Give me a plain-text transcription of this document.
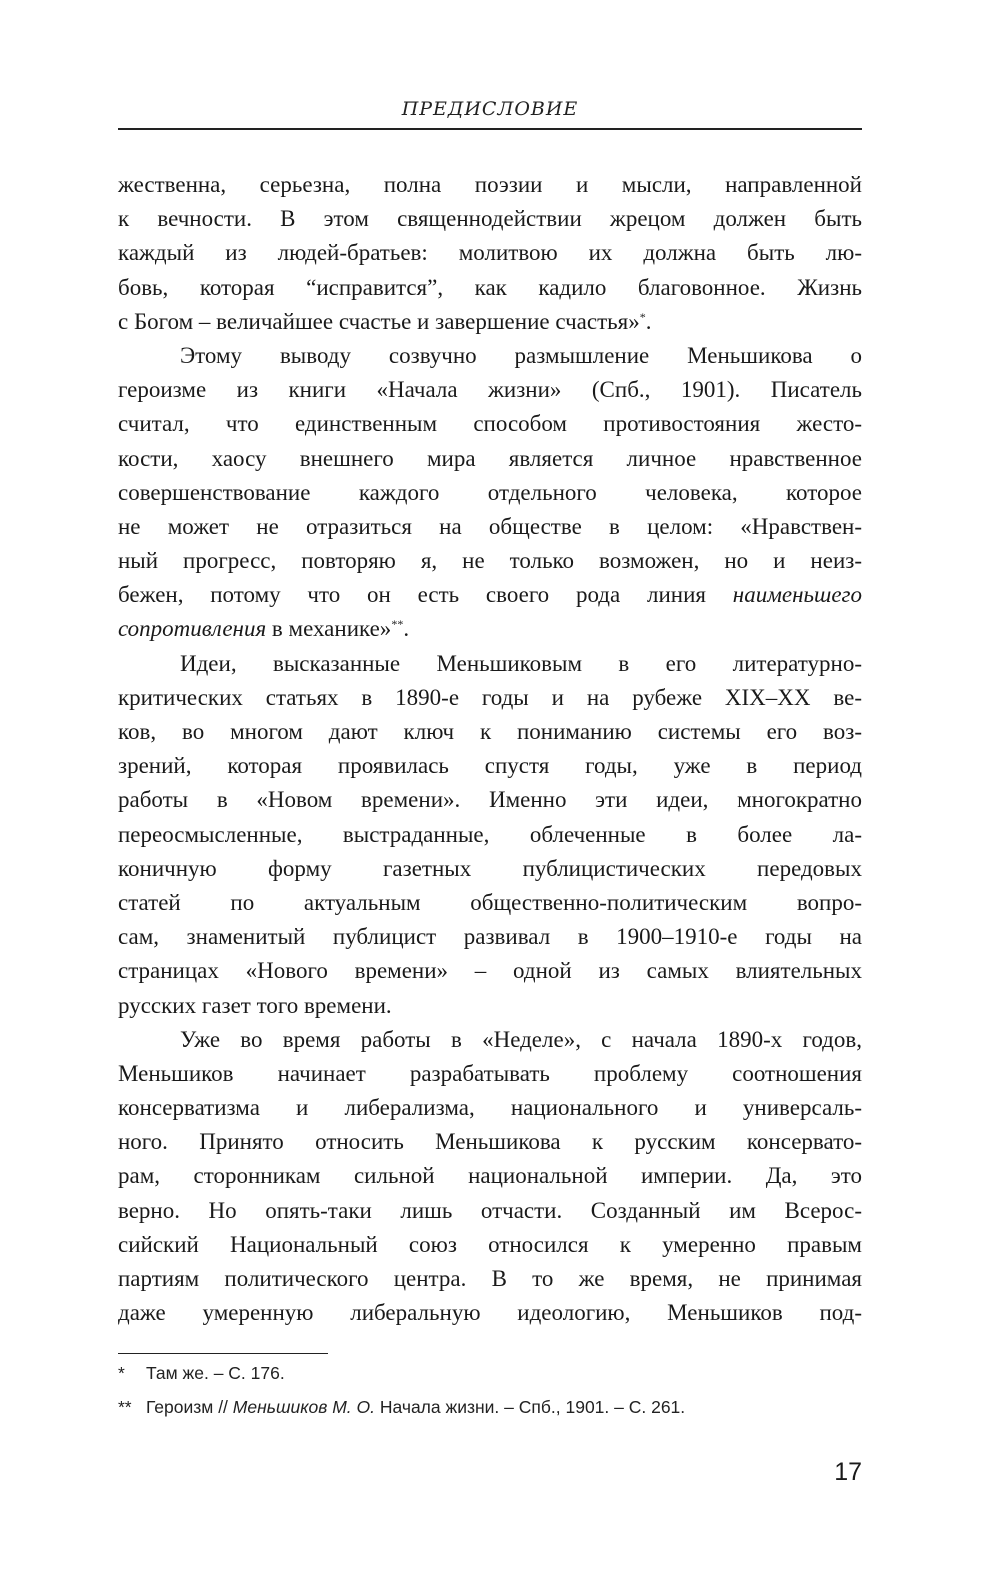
ПРЕДИСЛОВИЕ
жественна, серьезна, полна поэзии и мысли, направленной
к вечности. В этом священнодействии жрецом должен быть
каждый из людей-братьев: молитвою их должна быть лю-
бовь, которая “исправится”, как кадило благовонное. Жизнь
с Богом – величайшее счастье и завершение счастья»*.
Этому выводу созвучно размышление Меньшикова о
героизме из книги «Начала жизни» (Спб., 1901). Писатель
считал, что единственным способом противостояния жесто-
кости, хаосу внешнего мира является личное нравственное
совершенствование каждого отдельного человека, которое
не может не отразиться на обществе в целом: «Нравствен-
ный прогресс, повторяю я, не только возможен, но и неиз-
бежен, потому что он есть своего рода линия наименьшего
сопротивления в механике»**.
Идеи, высказанные Меньшиковым в его литературно-
критических статьях в 1890-е годы и на рубеже XIX–XX ве-
ков, во многом дают ключ к пониманию системы его воз-
зрений, которая проявилась спустя годы, уже в период
работы в «Новом времени». Именно эти идеи, многократно
переосмысленные, выстраданные, облеченные в более ла-
коничную форму газетных публицистических передовых
статей по актуальным общественно-политическим вопро-
сам, знаменитый публицист развивал в 1900–1910-е годы на
страницах «Нового времени» – одной из самых влиятельных
русских газет того времени.
Уже во время работы в «Неделе», с начала 1890-х годов,
Меньшиков начинает разрабатывать проблему соотношения
консерватизма и либерализма, национального и универсаль-
ного. Принято относить Меньшикова к русским консервато-
рам, сторонникам сильной национальной империи. Да, это
верно. Но опять-таки лишь отчасти. Созданный им Всерос-
сийский Национальный союз относился к умеренно правым
партиям политического центра. В то же время, не принимая
даже умеренную либеральную идеологию, Меньшиков под-
* Там же. – С. 176.
** Героизм // Меньшиков М. О. Начала жизни. – Спб., 1901. – С. 261.
17
